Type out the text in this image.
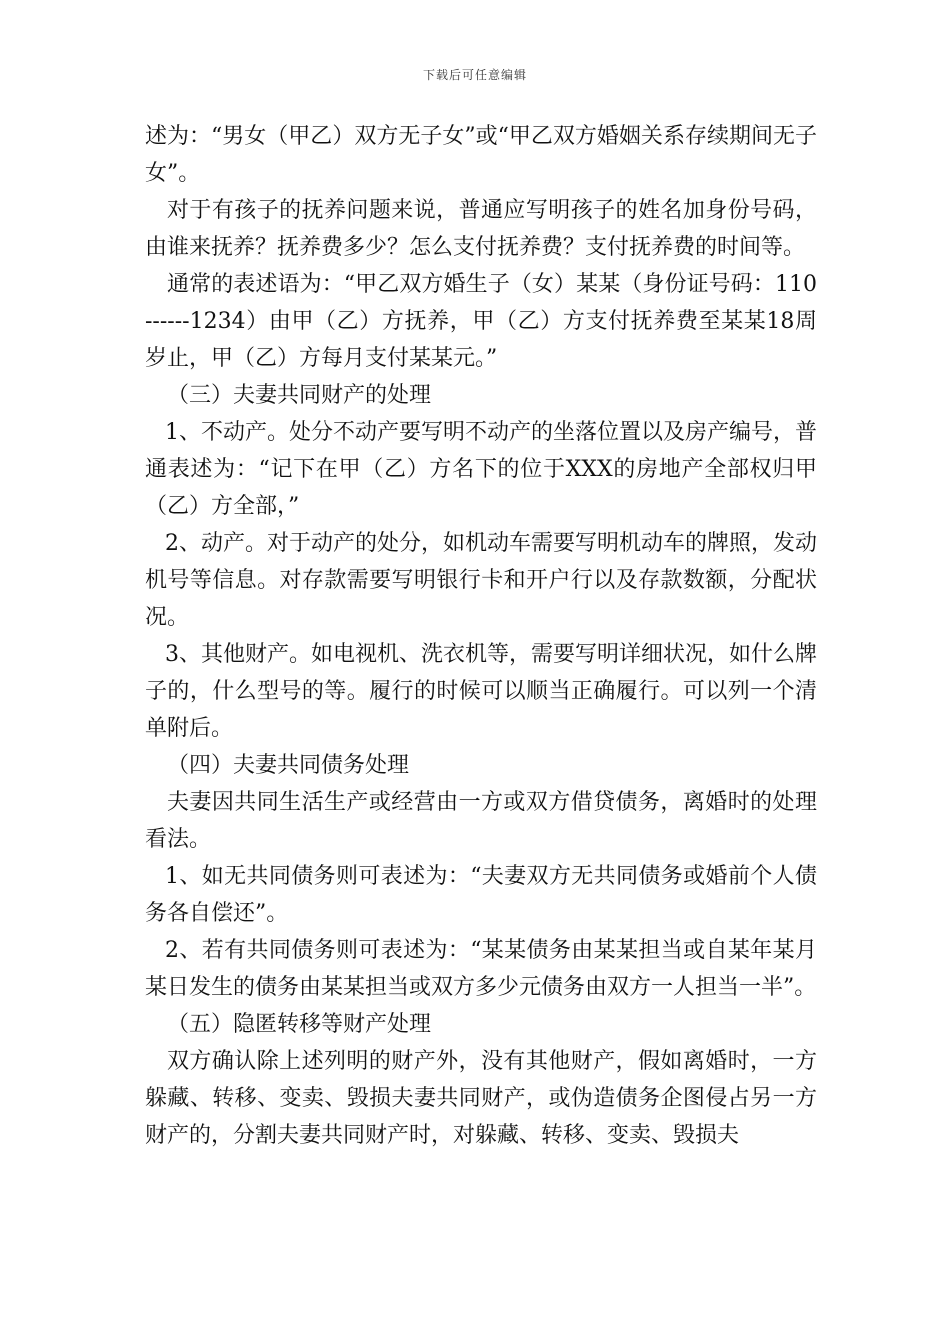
下载后可任意编辑

述为：“男女（甲乙）双方无子女”或“甲乙双方婚姻关系存续期间无子女”。

对于有孩子的抚养问题来说，普通应写明孩子的姓名加身份号码，由谁来抚养？抚养费多少？怎么支付抚养费？支付抚养费的时间等。

通常的表述语为：“甲乙双方婚生子（女）某某（身份证号码：110------1234）由甲（乙）方抚养，甲（乙）方支付抚养费至某某18周岁止，甲（乙）方每月支付某某元。”

（三）夫妻共同财产的处理

1、不动产。处分不动产要写明不动产的坐落位置以及房产编号，普通表述为：“记下在甲（乙）方名下的位于XXX的房地产全部权归甲（乙）方全部，”

2、动产。对于动产的处分，如机动车需要写明机动车的牌照，发动机号等信息。对存款需要写明银行卡和开户行以及存款数额，分配状况。

3、其他财产。如电视机、洗衣机等，需要写明详细状况，如什么牌子的，什么型号的等。履行的时候可以顺当正确履行。可以列一个清单附后。

（四）夫妻共同债务处理

夫妻因共同生活生产或经营由一方或双方借贷债务，离婚时的处理看法。

1、如无共同债务则可表述为：“夫妻双方无共同债务或婚前个人债务各自偿还”。

2、若有共同债务则可表述为：“某某债务由某某担当或自某年某月某日发生的债务由某某担当或双方多少元债务由双方一人担当一半”。

（五）隐匿转移等财产处理

双方确认除上述列明的财产外，没有其他财产，假如离婚时，一方躲藏、转移、变卖、毁损夫妻共同财产，或伪造债务企图侵占另一方财产的，分割夫妻共同财产时，对躲藏、转移、变卖、毁损夫
